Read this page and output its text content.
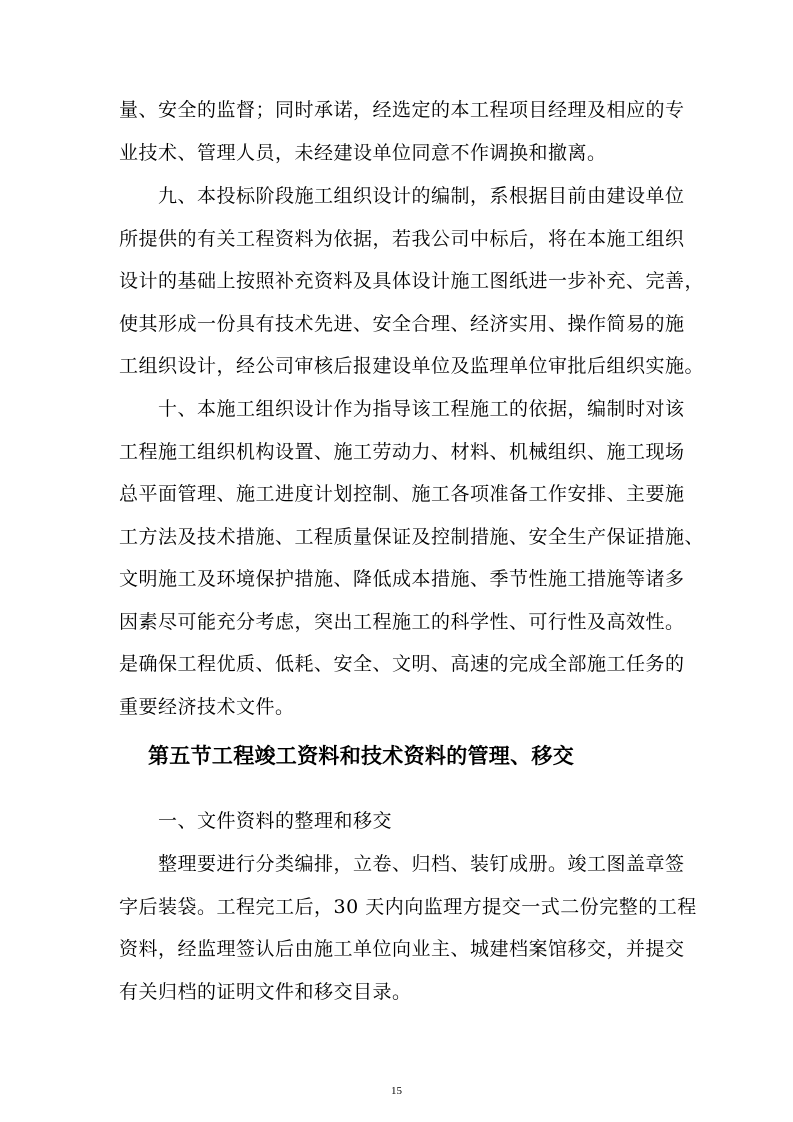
量、安全的监督；同时承诺，经选定的本工程项目经理及相应的专
业技术、管理人员，未经建设单位同意不作调换和撤离。
九、本投标阶段施工组织设计的编制，系根据目前由建设单位
所提供的有关工程资料为依据，若我公司中标后，将在本施工组织
设计的基础上按照补充资料及具体设计施工图纸进一步补充、完善，
使其形成一份具有技术先进、安全合理、经济实用、操作简易的施
工组织设计，经公司审核后报建设单位及监理单位审批后组织实施。
十、本施工组织设计作为指导该工程施工的依据，编制时对该
工程施工组织机构设置、施工劳动力、材料、机械组织、施工现场
总平面管理、施工进度计划控制、施工各项准备工作安排、主要施
工方法及技术措施、工程质量保证及控制措施、安全生产保证措施、
文明施工及环境保护措施、降低成本措施、季节性施工措施等诸多
因素尽可能充分考虑，突出工程施工的科学性、可行性及高效性。
是确保工程优质、低耗、安全、文明、高速的完成全部施工任务的
重要经济技术文件。
第五节工程竣工资料和技术资料的管理、移交
一、文件资料的整理和移交
整理要进行分类编排，立卷、归档、装钉成册。竣工图盖章签
字后装袋。工程完工后，30 天内向监理方提交一式二份完整的工程
资料，经监理签认后由施工单位向业主、城建档案馆移交，并提交
有关归档的证明文件和移交目录。
15
